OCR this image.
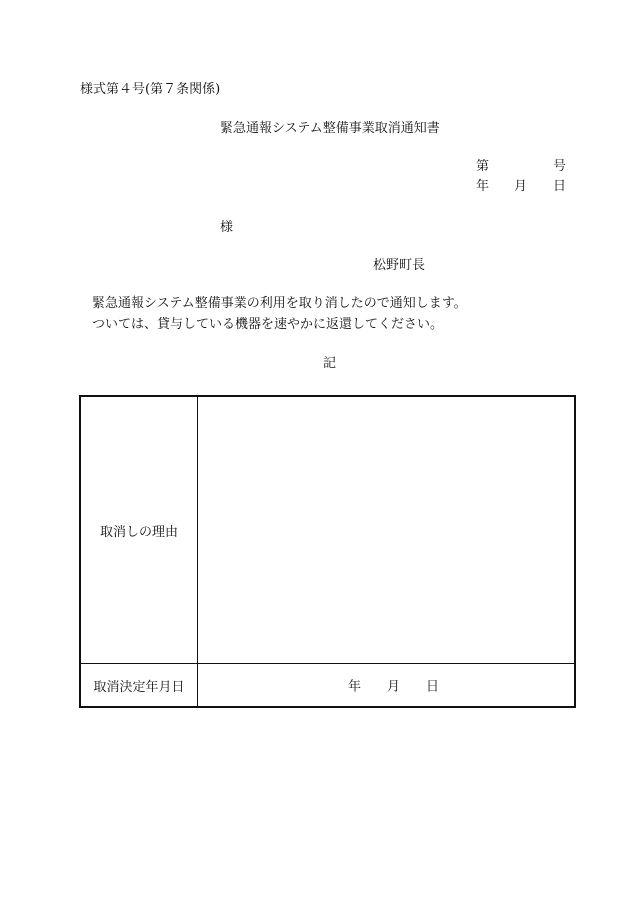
様式第４号(第７条関係)
緊急通報システム整備事業取消通知書
第	号
年 月 日
様
松野町長
緊急通報システム整備事業の利用を取り消したので通知します。
ついては、貸与している機器を速やかに返還してください。
記
取消しの理由
取消決定年月日	年 月 日
